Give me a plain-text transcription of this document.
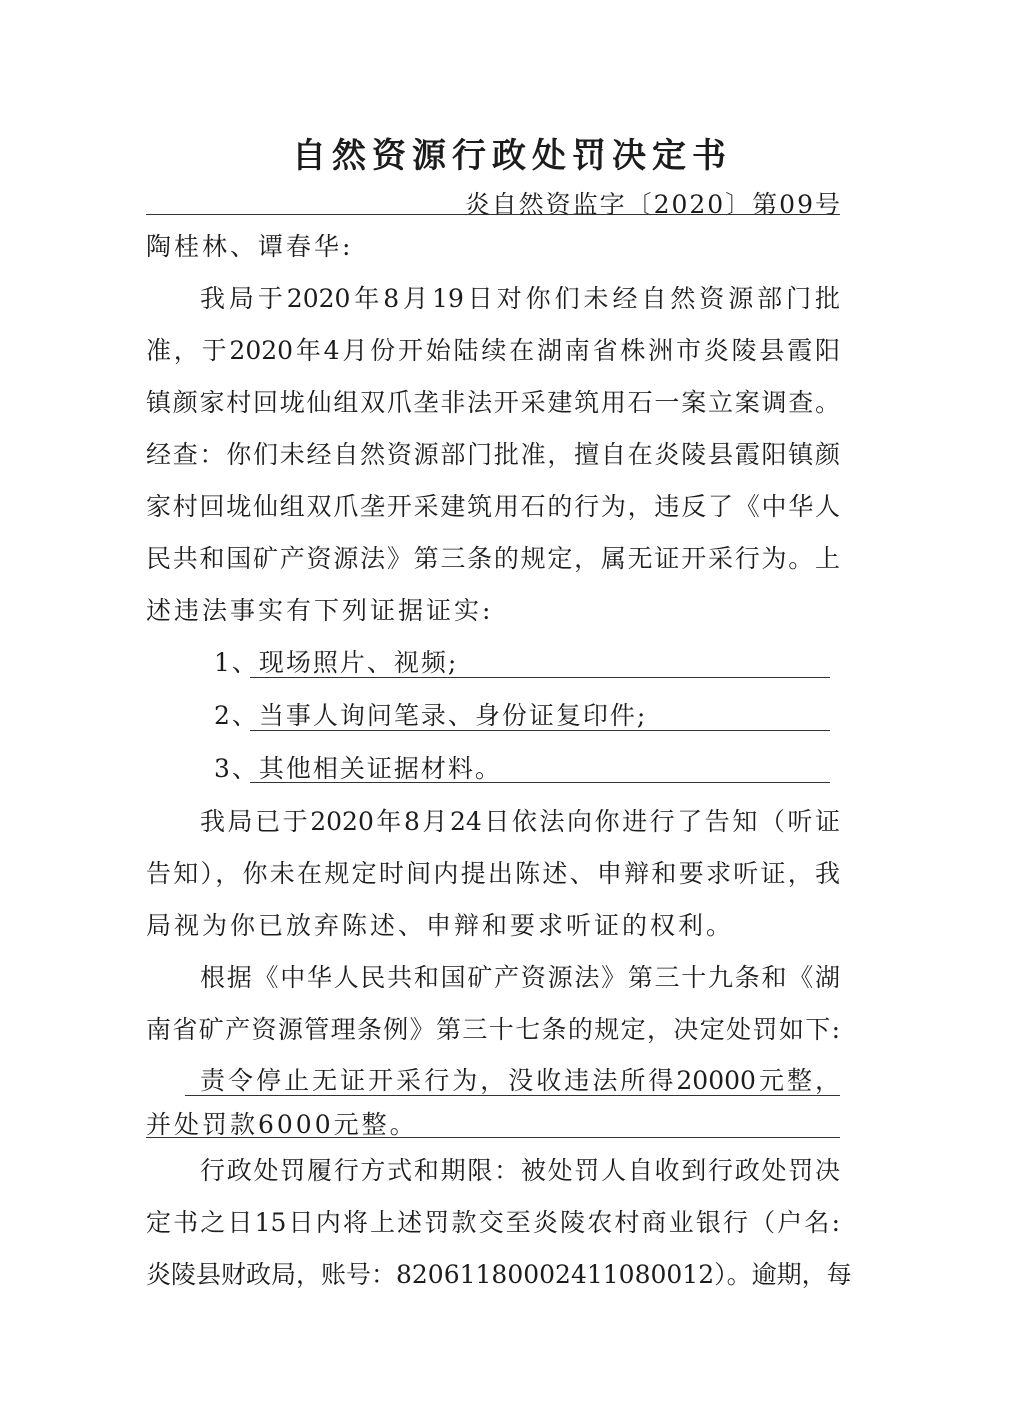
自然资源行政处罚决定书
炎自然资监字〔2020〕第09号
陶桂林、谭春华:
我局于2020年8月19日对你们未经自然资源部门批
准，于2020年4月份开始陆续在湖南省株洲市炎陵县霞阳
镇颜家村回垅仙组双爪垄非法开采建筑用石一案立案调查。
经查：你们未经自然资源部门批准，擅自在炎陵县霞阳镇颜
家村回垅仙组双爪垄开采建筑用石的行为，违反了《中华人
民共和国矿产资源法》第三条的规定，属无证开采行为。上
述违法事实有下列证据证实:
1、现场照片、视频;
2、当事人询问笔录、身份证复印件;
3、其他相关证据材料。
我局已于2020年8月24日依法向你进行了告知（听证
告知），你未在规定时间内提出陈述、申辩和要求听证，我
局视为你已放弃陈述、申辩和要求听证的权利。
根据《中华人民共和国矿产资源法》第三十九条和《湖
南省矿产资源管理条例》第三十七条的规定，决定处罚如下:
责令停止无证开采行为，没收违法所得20000元整，
并处罚款6000元整。
行政处罚履行方式和期限：被处罚人自收到行政处罚决
定书之日15日内将上述罚款交至炎陵农村商业银行（户名:
炎陵县财政局，账号：82061180002411080012）。逾期，每
